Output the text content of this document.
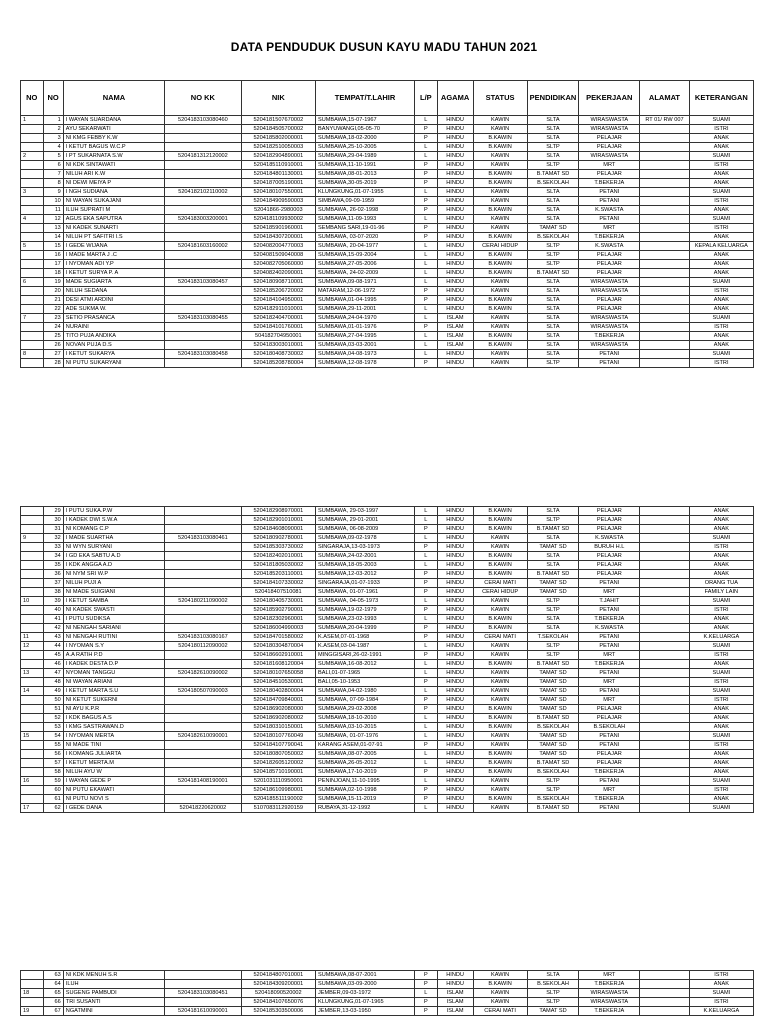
DATA PENDUDUK DUSUN KAYU MADU TAHUN 2021
NO	NO	NAMA	NO KK	NIK	TEMPAT/T.LAHIR	L/P	AGAMA	STATUS	PENDIDIKAN	PEKERJAAN	ALAMAT	KETERANGAN
1	1	I WAYAN SUARDANA	5204183103080460	5204181507670002	SUMBAWA,15-07-1967	L	HINDU	KAWIN	SLTA	WIRASWASTA	RT 01/ RW 007	SUAMI
	2	AYU SEKARWATI		5204184505700002	BANYUWANGI,05-05-70	P	HINDU	KAWIN	SLTA	WIRASWASTA		ISTRI
	3	NI KMG FEBBY K.W		5204185802000001	SUMBAWA,18-02-2000	P	HINDU	B.KAWIN	SLTA	PELAJAR		ANAK
	4	I KETUT BAGUS W.C.P		5204182510050003	SUMBAWA,25-10-2005	L	HINDU	B.KAWIN	SLTP	PELAJAR		ANAK
2	5	I PT SUKARNATA S.W	5204181312120002	5204182904890001	SUMBAWA,29-04-1989	L	HINDU	KAWIN	SLTA	WIRASWASTA		SUAMI
	6	NI KDK SINTAWATI		5204185110910001	SUMBAWA,11-10-1991	P	HINDU	KAWIN	SLTP	MRT		ISTRI
	7	NILUH ARI K.W		5204184801130001	SUMBAWA,08-01-2013	P	HINDU	B.KAWIN	B.TAMAT SD	PELAJAR		ANAK
	8	NI DEWI MEIYA P		5204187005190001	SUMBAWA,30-05-2019	P	HINDU	B.KAWIN	B.SEKOLAH	T.BEKERJA		ANAK
3	9	I NGH SUDIANA	5204182102110002	5204180107550001	KLUNGKUNG,01-07-1955	L	HINDU	KAWIN	SLTA	PETANI		SUAMI
	10	NI WAYAN SUKAJANI		5204184909590003	SIMBAWA,09-09-1959	P	HINDU	KAWIN	SLTA	PETANI		ISTRI
	11	ILUH SUPRATI M		52041866-2980003	SUMBAWA, 26-02-1998	P	HINDU	B.KAWIN	SLTA	K.SWASTA		ANAK
4	12	AGUS EKA SAPUTRA	5204183003200001	5204181109930002	SUMBAWA,11-09-1993	L	HINDU	KAWIN	SLTA	PETANI		SUAMI
	13	NI KADEK SUNARTI		5204185901960001	SEMBANG SARI,19-01-96	P	HINDU	KAWIN	TAMAT SD	MRT		ISTRI
	14	NILUH PT SAFITRI I.S		5204184307200001	SUMBAWA, 03-07-2020	P	HINDU	B.KAWIN	B.SEKOLAH	T.BEKERJA		ANAK
5	15	I GEDE WIJANA	5204181603160002	5204082004770003	SUMBAWA, 20-04-1977	L	HINDU	CERAI HIDUP	SLTP	K.SWASTA		KEPALA KELUARGA
	16	I MADE MARTA J .C		5204081509040008	SUMBAWA,15-09-2004	L	HINDU	B.KAWIN	SLTP	PELAJAR		ANAK
	17	I NYOMAN ADI Y.P		5204082705060000	SUMBAWA,27-05-2006	L	HINDU	B.KAWIN	SLTP	PELAJAR		ANAK
	18	I KETUT SURYA P. A		5204082402090001	SUMBAWA, 24-02-2009	L	HINDU	B.KAWIN	B.TAMAT SD	PELAJAR		ANAK
6	19	MADE SUGIARTA	5204183103080457	5204180908710001	SUMBAWA,09-08-1971	L	HINDU	KAWIN	SLTA	WIRASWASTA		SUAMI
	20	NILUH SEDANA		5204185206720002	MATARAM,12-06-1972	P	HINDU	KAWIN	SLTA	WIRASWASTA		ISTRI
	21	DESI ATMI ARDINI		5204184104950001	SUMBAWA,01-04-1995	P	HINDU	B.KAWIN	SLTA	PELAJAR		ANAK
	22	ADE SUKMA W.		5204182911010001	SUMBAWA,29-11-2001	L	HINDU	B.KAWIN	SLTA	PELAJAR		ANAK
7	23	SETIO PRASANCA	5204183103080455	5204182404700001	SUMBAWA,24-04-1970	L	ISLAM	KAWIN	SLTA	WIRASWASTA		SUAMI
	24	NURAINI		5204184101760001	SUMBAWA,01-01-1976	P	ISLAM	KAWIN	SLTA	WIRASWASTA		ISTRI
	25	TITO PUJA ANDIKA		504182704950001	SUMBAWA,27-04-1995	L	ISLAM	B.KAWIN	SLTA	T.BEKERJA		ANAK
	26	NOVAN PUJA D.S		5204183003010001	SUMBAWA,03-03-2001	L	ISLAM	B.KAWIN	SLTA	WIRASWASTA		ANAK
8	27	I KETUT SUKARYA	5204183103080458	5204180408730002	SUMBAWA,04-08-1973	L	HINDU	KAWIN	SLTA	PETANI		SUAMI
	28	NI PUTU SUKARYANI		5204185208780004	SUMBAWA,12-08-1978	P	HINDU	KAWIN	SLTP	PETANI		ISTRI
	29	I PUTU SUKA.P.W		5204182908970001	SUMBAWA, 29-03-1997	L	HINDU	B.KAWIN	SLTA	PELAJAR		ANAK
	30	I KADEK DWI S.W.A		5204182901010001	SUMBAWA, 29-01-2001	L	HINDU	B.KAWIN	SLTP	PELAJAR		ANAK
	31	NI KOMANG C.P		5204184608090001	SUMBAWA, 06-08-2009	P	HINDU	B.KAWIN	B.TAMAT SD	PELAJAR		ANAK
9	32	I MADE SUARTHA	5204183103080461	5204180902780001	SUMBAWA,09-02-1978	L	HINDU	KAWIN	SLTA	K.SWASTA		SUAMI
	33	NI WYN SURYANI		5204185303730002	SINGARAJA,13-03-1973	P	HINDU	KAWIN	TAMAT SD	BURUH H.L		ISTRI
	34	I GD EKA SABTU A.D		5204182402010001	SUMBAWA,24-02-2001	L	HINDU	B.KAWIN	SLTA	PELAJAR		ANAK
	35	I KDK ANGGA A.D		5204181805030002	SUMBAWA,18-05-2003	L	HINDU	B.KAWIN	SLTA	PELAJAR		ANAK
	36	NI NYM SRI W.P		5204185203110001	SUMBAWA,12-03-2012	P	HINDU	B.KAWIN	B.TAMAT SD	PELAJAR		ANAK
	37	NILUH PUJI A		5204184107330002	SINGARAJA,01-07-1933	P	HINDU	CERAI MATI	TAMAT SD	PETANI		ORANG TUA
	38	NI MADE SUIGIANI		520418407510081	SUMBAWA, 01-07-1961	P	HINDU	CERAI HIDUP	TAMAT SD	MRT		FAMILY LAIN
10	39	I KETUT SAMBA	5204180211090002	5204180405730001	SUMBAWA, 04-05-1973	L	HINDU	KAWIN	SLTP	T.JAHIT		SUAMI
	40	NI KADEK SWASTI		5204185902790001	SUMBAWA,19-02-1979	P	HINDU	KAWIN	SLTP	PETANI		ISTRI
	41	I PUTU SUDIKSA		5204182302960001	SUMBAWA,23-02-1993	L	HINDU	B.KAWIN	SLTA	T.BEKERJA		ANAK
	42	NI NENGAH SARIANI		5204186004990003	SUMBAWA,20-04-1999	P	HINDU	B.KAWIN	SLTA	K.SWASTA		ANAK
11	43	NI NENGAH RUTINI	5204183103080167	5204184701580002	K.ASEM,07-01-1968	P	HINDU	CERAI MATI	T.SEKOLAH	PETANI		K.KELUARGA
12	44	I NYOMAN S.Y	5204180112090002	5204180304870004	K.ASEM,03-04-1987	L	HINDU	KAWIN	SLTP	PETANI		SUAMI
	45	A.A RATIH P.D		5204186602910001	MINGGISARI,26-02-1991	P	HINDU	KAWIN	SLTP	MRT		ISTRI
	46	I KADEK DESTA D.P		5204181608120004	SUMBAWA,16-08-2012	L	HINDU	B.KAWIN	B.TAMAT SD	T.BEKERJA		ANAK
13	47	NYOMAN TANGGU	5204182610090002	5204180107650058	BALI,01-07-1965	L	HINDU	KAWIN	TAMAT SD	PETANI		SUAMI
	48	NI WAYAN ARIANI		5204184510530001	BALI,05-10-1953	P	HINDU	KAWIN	TAMAT SD	MRT		ISTRI
14	49	I KETUT MARTA S.U	5204180507090003	5204180402800004	SUMBAWA,04-02-1980	L	HINDU	KAWIN	TAMAT SD	PETANI		SUAMI
	50	NI KETUT SUKERNI		5204184709840001	SUMBAWA, 07-09-1984	P	HINDU	KAWIN	TAMAT SD	MRT		ISTRI
	51	NI AYU K.P.R		5204186902080000	SUMBAWA,29-02-2008	P	HINDU	B.KAWIN	TAMAT SD	PELAJAR		ANAK
	52	I KDK BAGUS A.S		5204186902080002	SUMBAWA,18-10-2010	L	HINDU	B.KAWIN	B.TAMAT SD	PELAJAR		ANAK
	53	I KMG SASTRAWAN.D		5204180310150001	SUMBAWA,03-10-2015	L	HINDU	B.KAWIN	B.SEKOLAH	B.SEKOLAH		ANAK
15	54	I NYOMAN MERTA	5204182610090001	5204180107760049	SUMBAWA, 01-07-1976	L	HINDU	KAWIN	TAMAT SD	PETANI		SUAMI
	55	NI MADE TINI		5204184107790041	KARANG ASEM,01-07-91	P	HINDU	KAWIN	TAMAT SD	PETANI		ISTRI
	56	I KOMANG JULIARTA		5204180807050002	SUMBAWA,08-07-2005	L	HINDU	B.KAWIN	TAMAT SD	PELAJAR		ANAK
	57	I KETUT MERTA.M		5204182605120002	SUMBAWA,26-05-2012	L	HINDU	B.KAWIN	B.TAMAT SD	PELAJAR		ANAK
	58	NILUH AYU W		5204185710190001	SUMBAWA,17-10-2019	P	HINDU	B.KAWIN	B.SEKOLAH	T.BEKERJA		ANAK
16	59	I WAYAN GEDE P	5204181408190001	5201031110950001	PENINJOAN,11-10-1995	L	HINDU	KAWIN	SLTP	PETANI		SUAMI
	60	NI PUTU EKAWATI		5204186109980001	SUMBAWA,02-10-1998	P	HINDU	KAWIN	SLTP	MRT		ISTRI
	61	NI PUTU NOVI S		5204185511190002	SUMBAWA,15-11-2019	P	HINDU	B.KAWIN	B.SEKOLAH	T.BEKERJA		ANAK
17	62	I GEDE DANA	520418220620002	5107083112920159	RUBAYA,31-12-1992	L	HINDU	KAWIN	B.TAMAT SD	PETANI		SUAMI
	63	NI KDK MENUH S.R		5204184807010001	SUMBAWA,08-07-2001	P	HINDU	KAWIN	SLTA	MRT		ISTRI
	64	ILUH		5204184309200001	SUMBAWA,03-09-2000	P	HINDU	B.KAWIN	B.SEKOLAH	T.BEKERJA		ANAK
18	65	SUGENG PAMBUDI	5204183103080451	520418090520002	JEMBER,09-03-1972	L	ISLAM	KAWIN	SLTP	WIRASWASTA		SUAMI
	66	TRI SUSANTI		5204184107650076	KLUNGKUNG,01-07-1965	P	ISLAM	KAWIN	SLTP	WIRASWASTA		ISTRI
19	67	NGATMINI	5204181610090001	5204185303500006	JEMBER,13-03-1950	P	ISLAM	CERAI MATI	TAMAT SD	T.BEKERJA		K.KELUARGA
